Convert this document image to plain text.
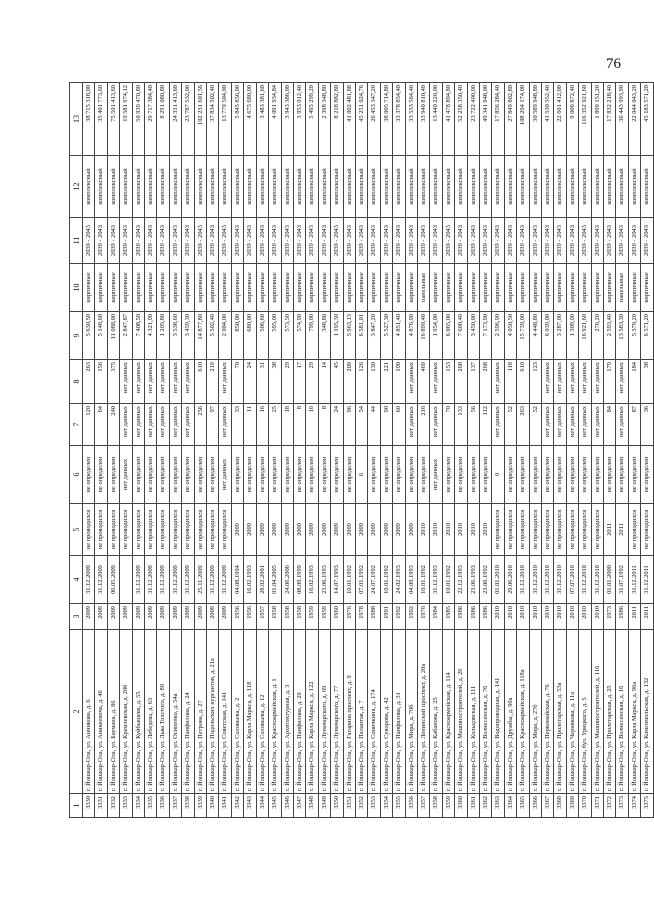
76
1	2	3	4	5	6	7	8	9	10	11	12	13
3330	г. Йошкар-Ола, ул. Анникова, д. 6	2009	31.12.2009	не проводился	не определен	120	263	5 630,50	кирпичные	2039 - 2043	комплексный	38 715 318,00
3331	г. Йошкар-Ола, ул. Аникеевича, д. 46	2009	31.12.2009	не проводился	не определен	64	156	5 148,60	кирпичные	2039 - 2043	комплексный	35 401 773,60
3332	г. Йошкар-Ола, ул. Баумана, д. 86	2009	06.05.2009	не проводился	не определен	240	375	11 088,00	кирпичные	2039 - 2043	комплексный	75 501 413,60
3333	г. Йошкар-Ола, ул. Кремлевская, д. 20б	2009		не проводился	нет данных	нет данных	нет данных	2 847,87	кирпичные	2039 - 2043	комплексный	19 581 974,12
3334	г. Йошкар-Ола, ул. Куйбышева, д. 55	2009	31.12.2009	не проводился	не определен	нет данных	нет данных	7 408,50	кирпичные	2039 - 2043	комплексный	50 939 470,80
3335	г. Йошкар-Ола, ул. Лебедева, д. 63	2009	31.12.2009	не проводился	не определен	нет данных	нет данных	4 321,90	кирпичные	2039 - 2043	комплексный	29 717 384,40
3336	г. Йошкар-Ола, ул. Льва Толстого, д. 80	2009	31.12.2009	не проводился	не определен	нет данных	нет данных	1 205,80	кирпичные	2039 - 2043	комплексный	8 291 080,80
3337	г. Йошкар-Ола, ул. Осипенко, д. 54а	2009	31.12.2009	не проводился	не определен	нет данных	нет данных	3 538,60	кирпичные	2039 - 2043	комплексный	24 331 413,60
3338	г. Йошкар-Ола, ул. Панфилова, д. 24	2009	31.12.2009	не проводился	не определен	нет данных	нет данных	3 459,30	кирпичные	2039 - 2043	комплексный	23 787 532,00
3339	г. Йошкар-Ола, ул. Петрова, д. 27	2009	25.11.2009	не проводился	не определен	256	610	14 877,80	кирпичные	2039 - 2043	комплексный	102 231 601,56
3340	г. Йошкар-Ола, ул. Подольских курсантов, д. 21а	2009	31.12.2009	не проводился	не определен	97	219	5 502,40	кирпичные	2039 - 2043	комплексный	37 834 502,40
3341	г. Йошкар-Ола, ул. Советская, д. 141	2009	31.12.2009	не проводился	нет данных	нет данных	нет данных	2 004,00	кирпичные	2039 - 2043	комплексный	13 779 504,00
3342	г. Йошкар-Ола, ул. Соловьева, д. 2	1956	04.08.1994	2009	не определен	33	70	850,00	кирпичные	2039 - 2043	комплексный	5 845 856,00
3343	г. Йошкар-Ола, ул. Карла Маркса, д. 118	1956	16.02.1993	2009	не определен	11	24	680,00	кирпичные	2039 - 2043	комплексный	4 675 680,00
3344	г. Йошкар-Ола, ул. Соловьева, д. 12	1957	28.02.2001	2009	не определен	16	31	506,60	кирпичные	2039 - 2043	комплексный	3 483 381,60
3345	г. Йошкар-Ола, ул. Красноармейская, д. 1	1958	01.04.2005	2009	не определен	25	38	595,00	кирпичные	2039 - 2043	комплексный	4 091 934,84
3346	г. Йошкар-Ола, ул. Архитектурная, д. 3	1958	24.06.2006	2009	не определен	18	29	573,50	кирпичные	2039 - 2043	комплексный	3 943 386,00
3347	г. Йошкар-Ола, ул. Панфилова, д. 29	1958	08.09.1999	2000	не определен	8	17	574,90	кирпичные	2039 - 2043	комплексный	3 953 012,40
3348	г. Йошкар-Ола, ул. Карла Маркса, д. 122	1959	16.02.1993	2009	не определен	16	29	799,00	кирпичные	2039 - 2043	комплексный	5 495 299,20
3349	г. Йошкар-Ола, ул. Луначарского, д. 69	1959	23.06.1993	2009	не определен	8	14	348,80	кирпичные	2039 - 2043	комплексный	2 398 348,80
3350	г. Йошкар-Ола, ул. Луначарского, д. 77	1960	14.07.1993	2009	не определен	24	45	1 195,30	кирпичные	2039 - 2043	комплексный	8 218 882,80
3351	г. Йошкар-Ола, ул. Гагарина проспект, д. 9	1976	10.01.1992	2009	не определен	96	209	5 963,13	кирпичные	2039 - 2043	комплексный	41 002 481,88
3352	г. Йошкар-Ола, ул. Палантая, д. 7	1978	07.01.1992	2009	6	54	126	6 581,01	кирпичные	2039 - 2043	комплексный	45 251 024,76
3353	г. Йошкар-Ола, ул. Соничкина, д. 174	1988	24.07.1992	2009	не определен	44	130	3 847,20	кирпичные	2039 - 2043	комплексный	26 453 347,20
3354	г. Йошкар-Ола, ул. Суворова, д. 42	1991	10.01.1992	2009	не определен	90	221	5 527,30	кирпичные	2039 - 2043	комплексный	38 005 714,80
3355	г. Йошкар-Ола, ул. Панфилова, д. 31	1992	24.02.1993	2009	не определен	60	190	4 851,40	кирпичные	2039 - 2043	комплексный	33 378 854,40
3356	г. Йошкар-Ола, ул. Мира, д. 70б	1992	04.09.1993	2009	не определен	нет данных	нет данных	4 876,90	кирпичные	2039 - 2043	комплексный	33 533 564,40
3357	г. Йошкар-Ола, ул. Ленинский проспект, д. 20а	1976	10.01.1992	2010	не определен	216	469	16 899,40	панельные	2039 - 2043	комплексный	33 940 810,40
3358	г. Йошкар-Ола, ул. Кабанова, д. 25	1984	31.12.1993	2010	нет данных	нет данных	нет данных	1 954,00	кирпичные	2039 - 2043	комплексный	13 440 220,00
3359	г. Йошкар-Ола, ул. Красноармейская, д. 114	1985	10.01.1992	2010	не определен	70	153	6 065,00	кирпичные	2039 - 2043	комплексный	41 478 894,80
3360	г. Йошкар-Ола, ул. Машиностроителей, д. 26	1986	22.12.1993	2010	не определен	133	268	7 600,40	кирпичные	2039 - 2043	комплексный	52 258 350,40
3361	г. Йошкар-Ола, ул. Кольцовская, д. 111	1986	23.06.1993	2010	не определен	56	137	3 450,00	кирпичные	2039 - 2043	комплексный	23 722 400,00
3362	г. Йошкар-Ола, ул. Вознесенская, д. 76	1986	23.06.1992	2010	не определен	112	268	7 173,90	кирпичные	2039 - 2043	комплексный	49 341 948,00
3363	г. Йошкар-Ола, ул. Водопроводная, д. 141	2010	01.01.2010	не проводился	0	нет данных	нет данных	2 596,90	кирпичные	2039 - 2043	комплексный	17 856 284,40
3364	г. Йошкар-Ола, ул. Дружбы, д. 90а	2010	29.06.2010	не проводился	не определен	52	118	4 050,50	кирпичные	2039 - 2043	комплексный	27 849 802,80
3365	г. Йошкар-Ола, ул. Красноармейская, д. 118а	2010	31.12.2010	не проводился	не определен	263	610	15 739,00	кирпичные	2039 - 2043	комплексный	108 204 174,00
3366	г. Йошкар-Ола, ул. Мира, д. 27б	2010	31.12.2010	не проводился	не определен	52	123	4 448,80	кирпичные	2039 - 2043	комплексный	30 589 948,80
3367	г. Йошкар-Ола, ул. Первомайская, д. 76	2010	31.12.2010	не проводился	не определен	нет данных	нет данных	6 039,00	кирпичные	2039 - 2043	комплексный	41 530 352,40
3368	г. Йошкар-Ола, ул. Пролетарская, д. 53а	2010	31.12.2010	не проводился	не определен	нет данных	нет данных	3 287,00	кирпичные	2039 - 2043	комплексный	22 601 412,00
3369	г. Йошкар-Ола, ул. Чернякова, д. 11а	2010	07.07.2010	не проводился	не определен	нет данных	нет данных	1 309,90	кирпичные	2039 - 2043	комплексный	9 006 872,40
3370	г. Йошкар-Ола, бул. Урицкого, д. 5	2010	31.12.2010	не проводился	не определен	нет данных	нет данных	16 921,60	кирпичные	2039 - 2043	комплексный	116 352 921,60
3371	г. Йошкар-Ола, ул. Машиностроителей, д. 116	2010	31.12.2010	не проводился	не определен	нет данных	нет данных	276,20	кирпичные	2039 - 2043	комплексный	1 899 151,20
3372	г. Йошкар-Ола, ул. Пролетарская, д. 25	1973	01.01.2000	2011	не определен	84	179	2 593,40	кирпичные	2039 - 2043	комплексный	17 832 218,40
3373	г. Йошкар-Ола, ул. Вознесенская, д. 16	1986	31.07.1992	2011	не определен	нет данных	нет данных	13 583,30	панельные	2039 - 2043	комплексный	36 443 993,90
3374	г. Йошкар-Ола, ул. Карла Маркса, д. 96а	2011	31.12.2011	не проводился	не определен	87	184	5 379,20	кирпичные	2039 - 2043	комплексный	22 044 043,20
3375	г. Йошкар-Ола, ул. Комсомольская, д. 132	2011	31.12.2011	не проводился	не определен	36	38	6 571,20	кирпичные	2039 - 2043	комплексный	45 183 571,20
